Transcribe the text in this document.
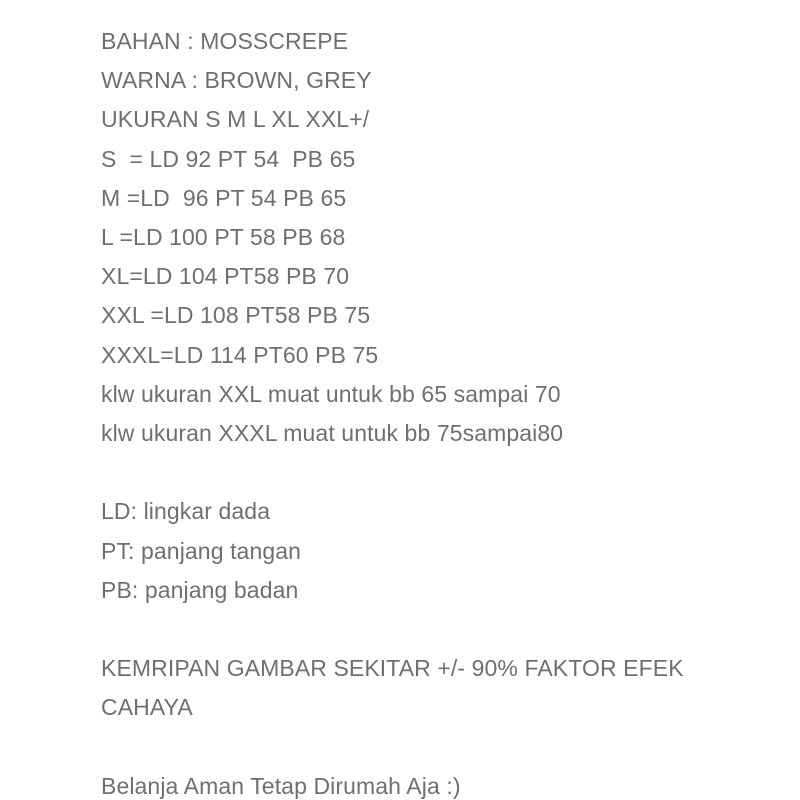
BAHAN : MOSSCREPE
WARNA : BROWN, GREY
UKURAN S M L XL XXL+/
S  = LD 92 PT 54  PB 65
M =LD  96 PT 54 PB 65
L =LD 100 PT 58 PB 68
XL=LD 104 PT58 PB 70
XXL =LD 108 PT58 PB 75
XXXL=LD 114 PT60 PB 75
klw ukuran XXL muat untuk bb 65 sampai 70
klw ukuran XXXL muat untuk bb 75sampai80
LD: lingkar dada
PT: panjang tangan
PB: panjang badan
KEMRIPAN GAMBAR SEKITAR +/- 90% FAKTOR EFEK
CAHAYA
Belanja Aman Tetap Dirumah Aja :)
